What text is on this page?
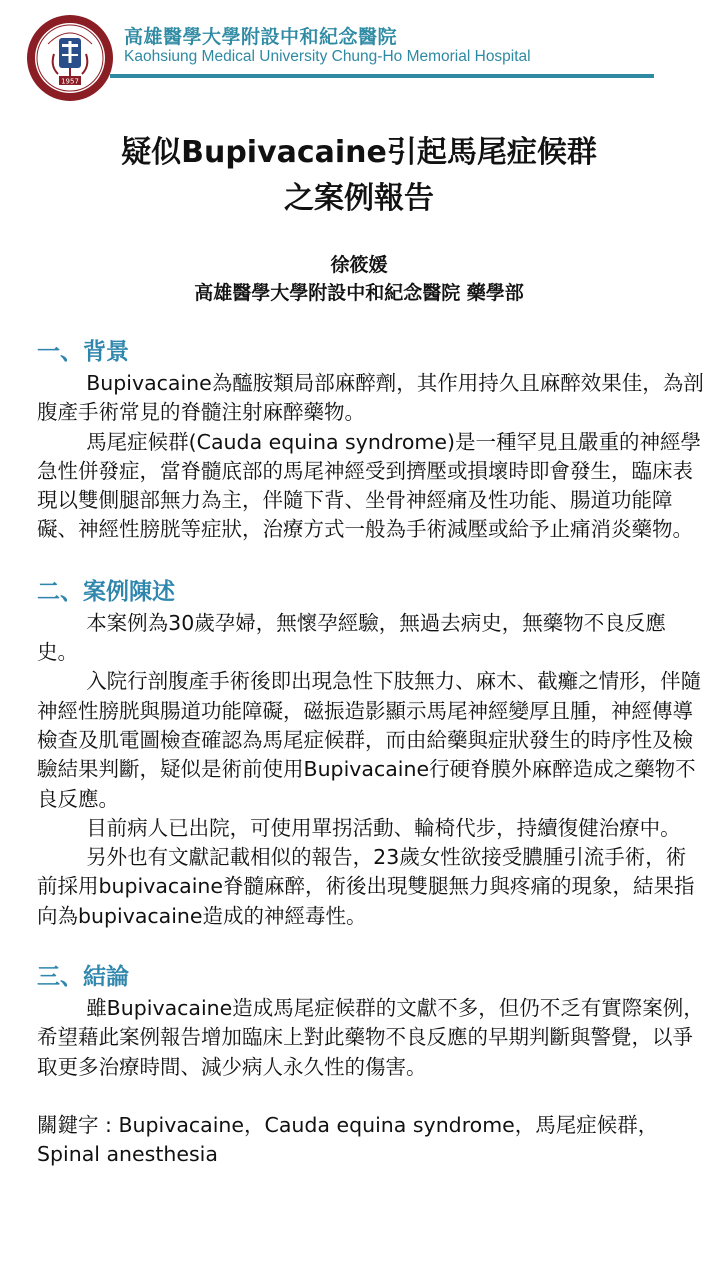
1957
高雄醫學大學附設中和紀念醫院
Kaohsiung Medical University Chung-Ho Memorial Hospital
疑似Bupivacaine引起馬尾症候群
之案例報告
徐筱媛
高雄醫學大學附設中和紀念醫院 藥學部
一、背景

Bupivacaine為醯胺類局部麻醉劑，其作用持久且麻醉效果佳，為剖腹產手術常見的脊髓注射麻醉藥物。

馬尾症候群(Cauda equina syndrome)是一種罕見且嚴重的神經學急性併發症，當脊髓底部的馬尾神經受到擠壓或損壞時即會發生，臨床表現以雙側腿部無力為主，伴隨下背、坐骨神經痛及性功能、腸道功能障礙、神經性膀胱等症狀，治療方式一般為手術減壓或給予止痛消炎藥物。

二、案例陳述

本案例為30歲孕婦，無懷孕經驗，無過去病史，無藥物不良反應史。

入院行剖腹產手術後即出現急性下肢無力、麻木、截癱之情形，伴隨神經性膀胱與腸道功能障礙，磁振造影顯示馬尾神經變厚且腫，神經傳導檢查及肌電圖檢查確認為馬尾症候群，而由給藥與症狀發生的時序性及檢驗結果判斷，疑似是術前使用Bupivacaine行硬脊膜外麻醉造成之藥物不良反應。

目前病人已出院，可使用單拐活動、輪椅代步，持續復健治療中。

另外也有文獻記載相似的報告，23歲女性欲接受膿腫引流手術，術前採用bupivacaine脊髓麻醉，術後出現雙腿無力與疼痛的現象，結果指向為bupivacaine造成的神經毒性。

三、結論

雖Bupivacaine造成馬尾症候群的文獻不多，但仍不乏有實際案例，希望藉此案例報告增加臨床上對此藥物不良反應的早期判斷與警覺，以爭取更多治療時間、減少病人永久性的傷害。

關鍵字 : Bupivacaine，Cauda equina syndrome，馬尾症候群，Spinal anesthesia
